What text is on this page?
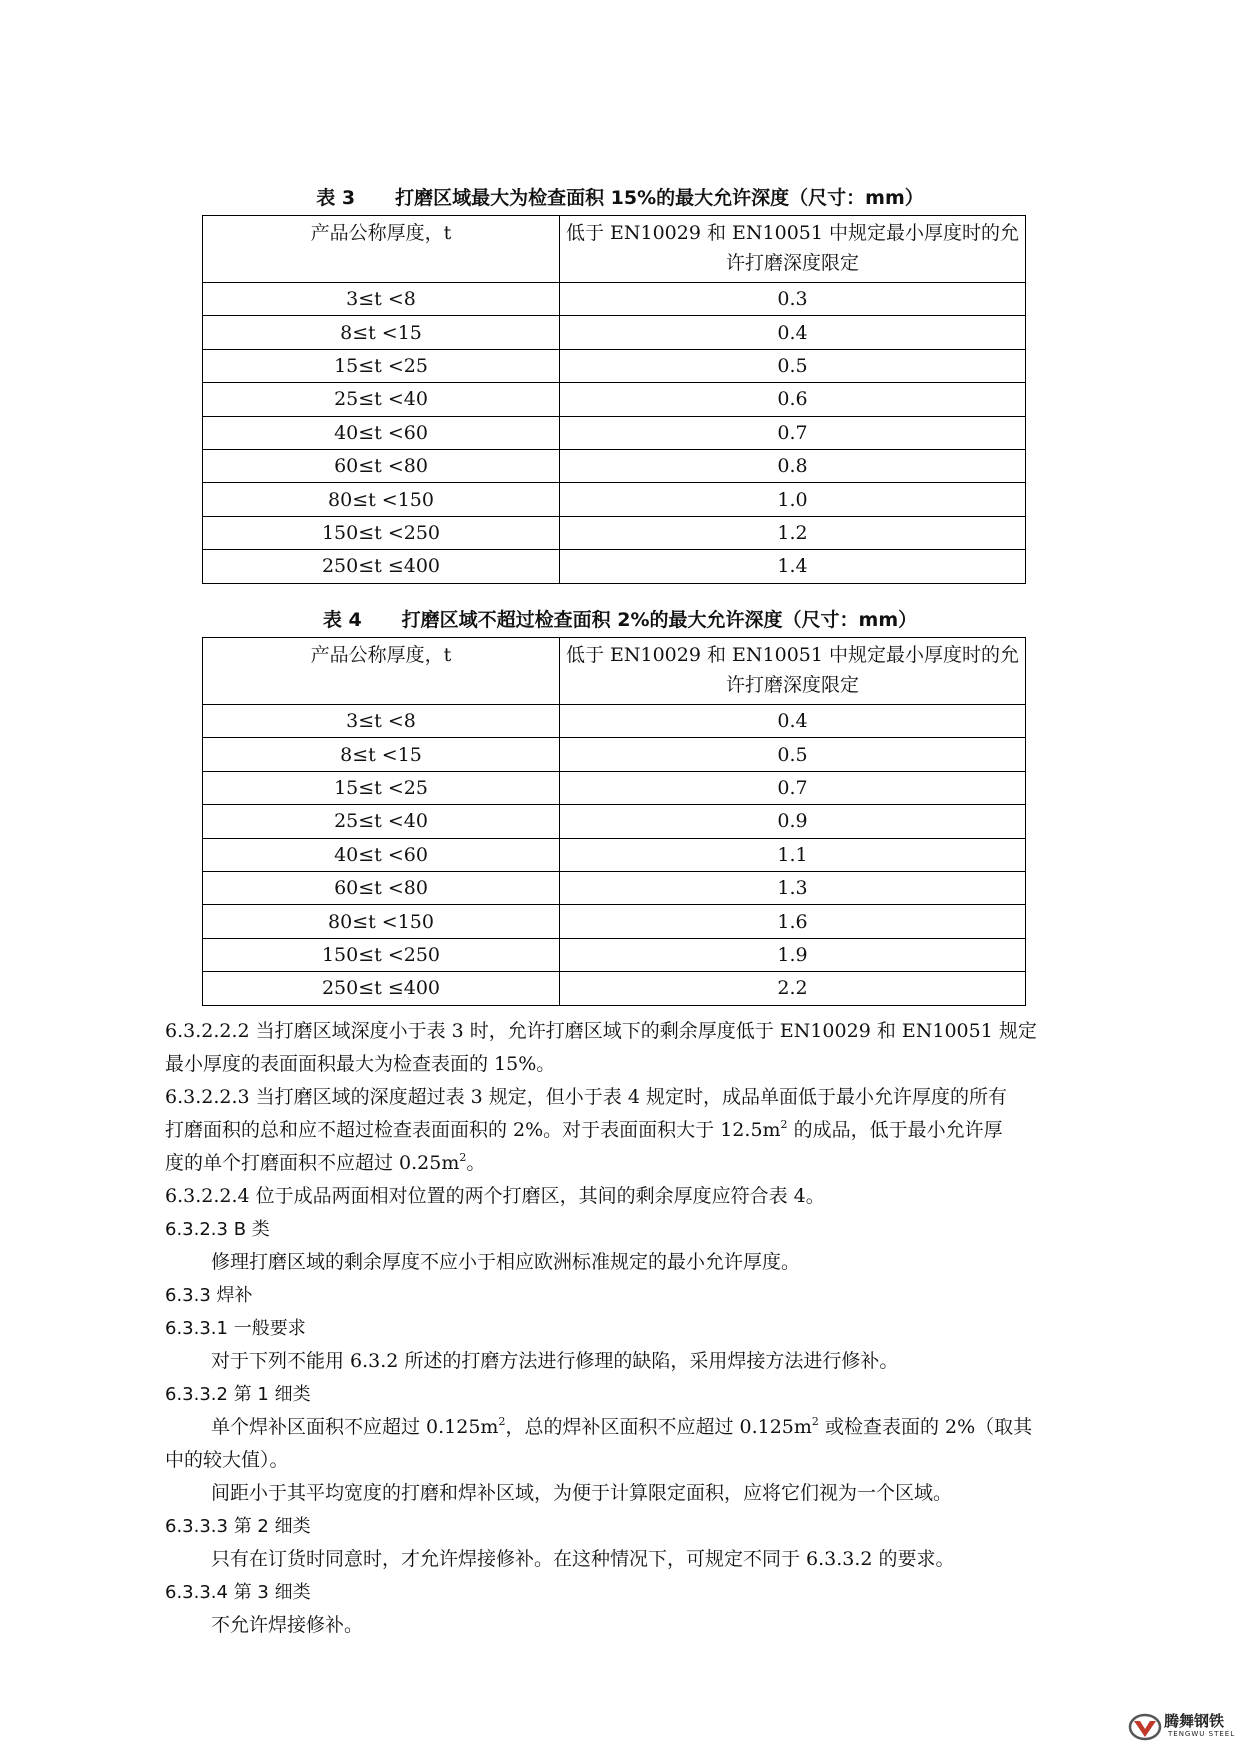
表 3 打磨区域最大为检查面积 15%的最大允许深度（尺寸：mm）
产品公称厚度，t	低于 EN10029 和 EN10051 中规定最小厚度时的允许打磨深度限定
3≤t <8	0.3
8≤t <15	0.4
15≤t <25	0.5
25≤t <40	0.6
40≤t <60	0.7
60≤t <80	0.8
80≤t <150	1.0
150≤t <250	1.2
250≤t ≤400	1.4
表 4 打磨区域不超过检查面积 2%的最大允许深度（尺寸：mm）
产品公称厚度，t	低于 EN10029 和 EN10051 中规定最小厚度时的允许打磨深度限定
3≤t <8	0.4
8≤t <15	0.5
15≤t <25	0.7
25≤t <40	0.9
40≤t <60	1.1
60≤t <80	1.3
80≤t <150	1.6
150≤t <250	1.9
250≤t ≤400	2.2

6.3.2.2.2 当打磨区域深度小于表 3 时，允许打磨区域下的剩余厚度低于 EN10029 和 EN10051 规定

最小厚度的表面面积最大为检查表面的 15%。

6.3.2.2.3 当打磨区域的深度超过表 3 规定，但小于表 4 规定时，成品单面低于最小允许厚度的所有

打磨面积的总和应不超过检查表面面积的 2%。对于表面面积大于 $12.5m^2$ 的成品，低于最小允许厚

度的单个打磨面积不应超过 $0.25m^2$。

6.3.2.2.4 位于成品两面相对位置的两个打磨区，其间的剩余厚度应符合表 4。

6.3.2.3 B 类

修理打磨区域的剩余厚度不应小于相应欧洲标准规定的最小允许厚度。

6.3.3 焊补

6.3.3.1 一般要求

对于下列不能用 6.3.2 所述的打磨方法进行修理的缺陷，采用焊接方法进行修补。

6.3.3.2 第 1 细类

单个焊补区面积不应超过 $0.125m^2$，总的焊补区面积不应超过 $0.125m^2$ 或检查表面的 2%（取其

中的较大值）。

间距小于其平均宽度的打磨和焊补区域，为便于计算限定面积，应将它们视为一个区域。

6.3.3.3 第 2 细类

只有在订货时同意时，才允许焊接修补。在这种情况下，可规定不同于 6.3.3.2 的要求。

6.3.3.4 第 3 细类

不允许焊接修补。

腾舞钢铁
TENGWU STEEL
